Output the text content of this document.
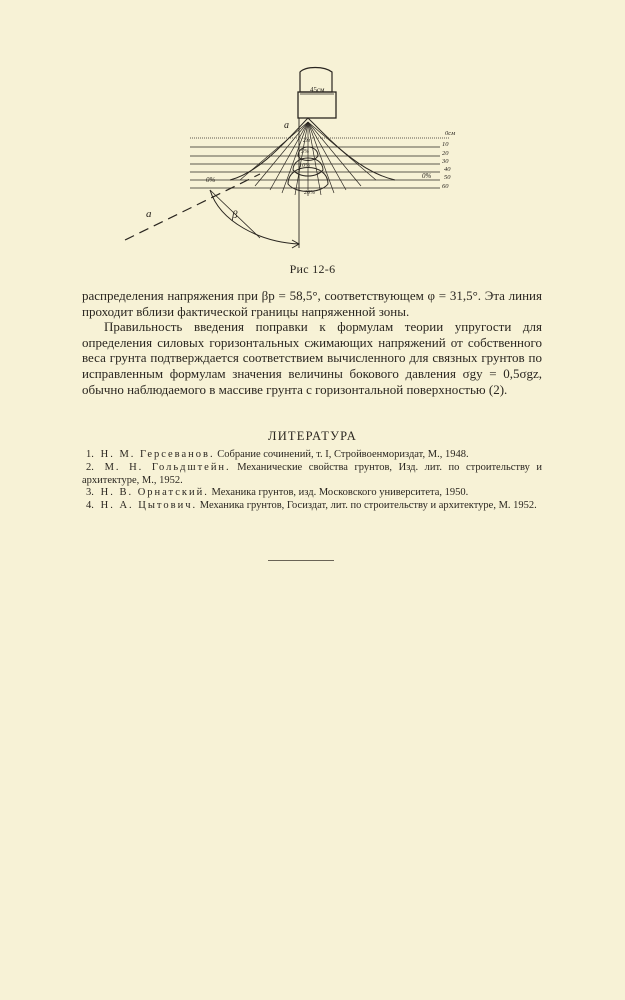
45см
a
a	β
0%	0%
0см
10
20
30
40
50
60
2м
5%
10%
20%
Рис 12-6

распределения напряжения при βр = 58,5°, соответствующем φ = 31,5°. Эта линия проходит вблизи фактической границы напряженной зоны.

Правильность введения поправки к формулам теории упругости для определения силовых горизонтальных сжимающих напряжений от собственного веса грунта подтверждается соответствием вычисленного для связных грунтов по исправленным формулам значения величины бокового давления σgy = 0,5σgz, обычно наблюдаемого в массиве грунта с горизонтальной поверхностью (2).

ЛИТЕРАТУРА

1. Н. М. Герсеванов. Собрание сочинений, т. I, Стройвоенмориздат, М., 1948.

2. М. Н. Гольдштейн. Механические свойства грунтов, Изд. лит. по строительству и архитектуре, М., 1952.

3. Н. В. Орнатский. Механика грунтов, изд. Московского университета, 1950.

4. Н. А. Цытович. Механика грунтов, Госиздат, лит. по строительству и архитектуре, М. 1952.
